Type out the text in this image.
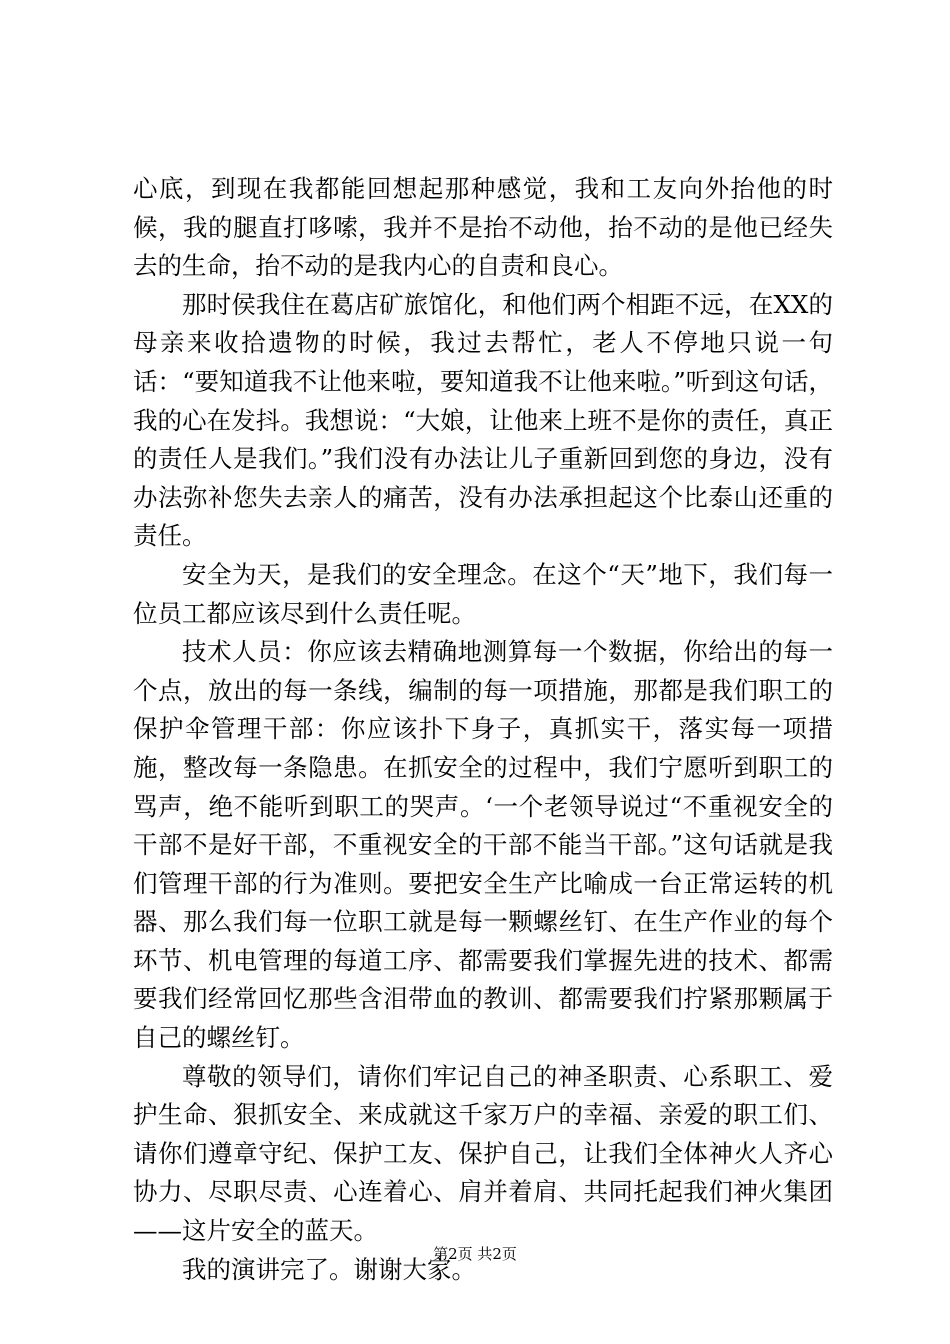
心底，到现在我都能回想起那种感觉，我和工友向外抬他的时候，我的腿直打哆嗦，我并不是抬不动他，抬不动的是他已经失去的生命，抬不动的是我内心的自责和良心。

那时侯我住在葛店矿旅馆化，和他们两个相距不远，在XX的母亲来收拾遗物的时候，我过去帮忙，老人不停地只说一句话：“要知道我不让他来啦，要知道我不让他来啦。”听到这句话，我的心在发抖。我想说：“大娘，让他来上班不是你的责任，真正的责任人是我们。”我们没有办法让儿子重新回到您的身边，没有办法弥补您失去亲人的痛苦，没有办法承担起这个比泰山还重的责任。

安全为天，是我们的安全理念。在这个“天”地下，我们每一位员工都应该尽到什么责任呢。

技术人员：你应该去精确地测算每一个数据，你给出的每一个点，放出的每一条线，编制的每一项措施，那都是我们职工的保护伞管理干部：你应该扑下身子，真抓实干，落实每一项措施，整改每一条隐患。在抓安全的过程中，我们宁愿听到职工的骂声，绝不能听到职工的哭声。‘一个老领导说过“不重视安全的干部不是好干部，不重视安全的干部不能当干部。”这句话就是我们管理干部的行为准则。要把安全生产比喻成一台正常运转的机器、那么我们每一位职工就是每一颗螺丝钉、在生产作业的每个环节、机电管理的每道工序、都需要我们掌握先进的技术、都需要我们经常回忆那些含泪带血的教训、都需要我们拧紧那颗属于自己的螺丝钉。

尊敬的领导们，请你们牢记自己的神圣职责、心系职工、爱护生命、狠抓安全、来成就这千家万户的幸福、亲爱的职工们、请你们遵章守纪、保护工友、保护自己，让我们全体神火人齐心协力、尽职尽责、心连着心、肩并着肩、共同托起我们神火集团——这片安全的蓝天。

我的演讲完了。谢谢大家。

第2页 共2页
